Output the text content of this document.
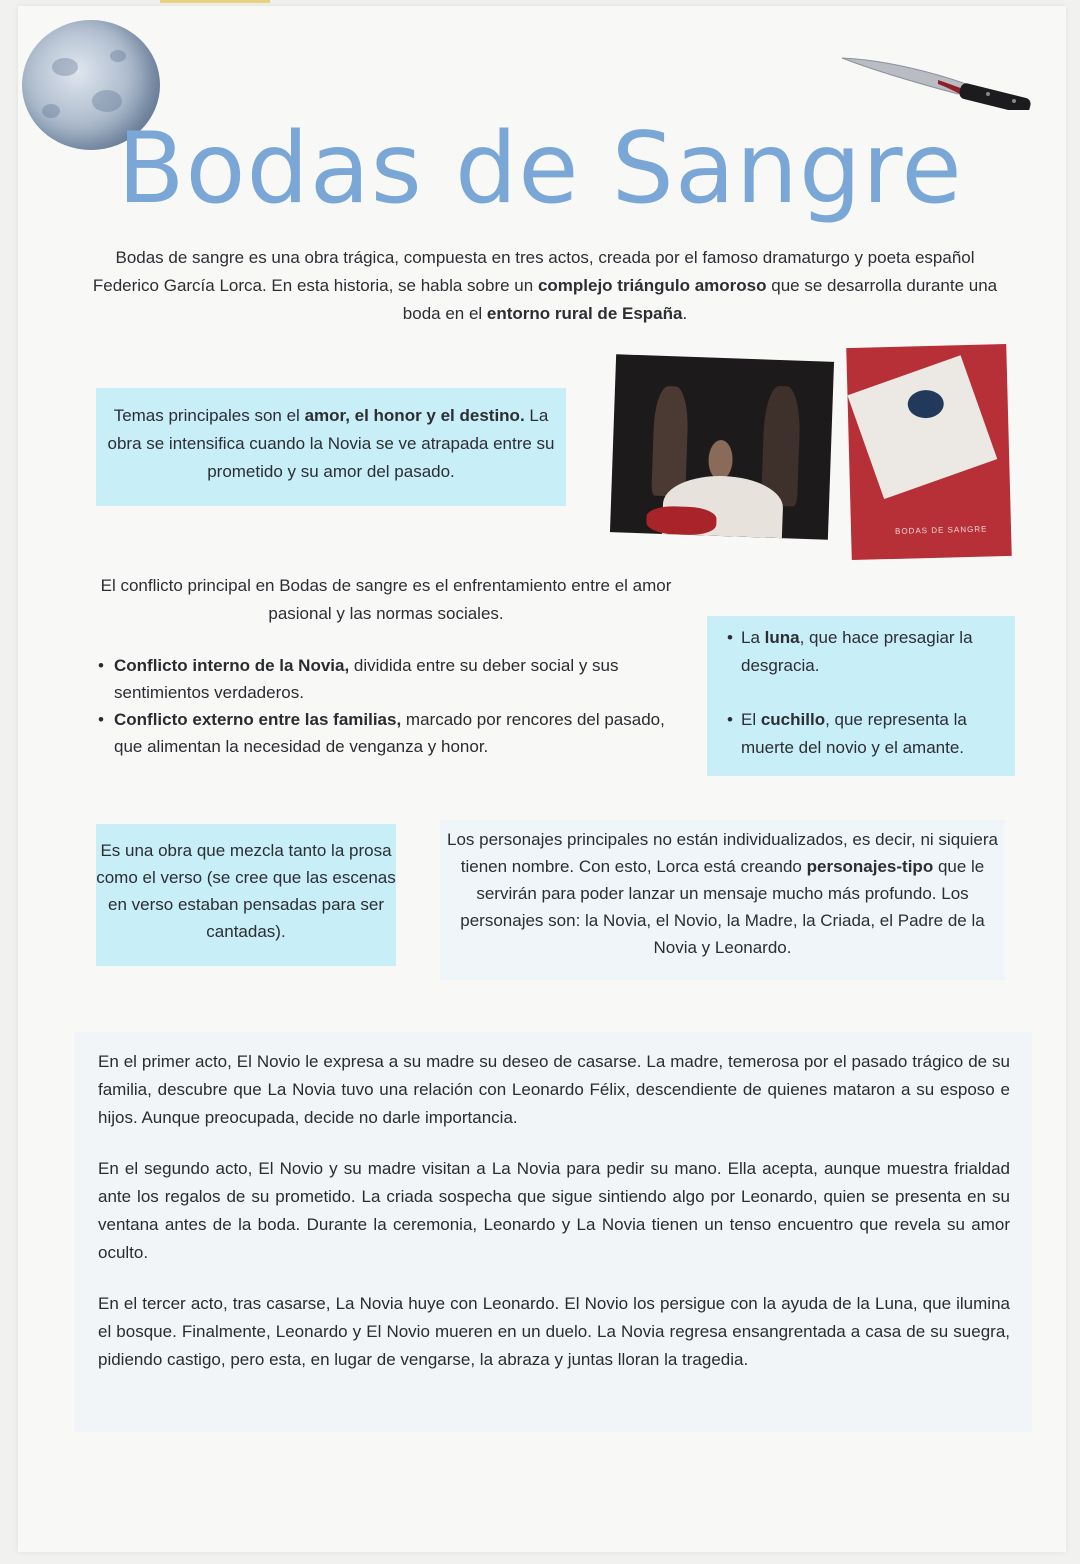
Bodas de Sangre
Bodas de sangre es una obra trágica, compuesta en tres actos, creada por el famoso dramaturgo y poeta español Federico García Lorca. En esta historia, se habla sobre un complejo triángulo amoroso que se desarrolla durante una boda en el entorno rural de España.
Temas principales son el amor, el honor y el destino. La obra se intensifica cuando la Novia se ve atrapada entre su prometido y su amor del pasado.
BODAS DE SANGRE
El conflicto principal en Bodas de sangre es el enfrentamiento entre el amor pasional y las normas sociales.
• Conflicto interno de la Novia, dividida entre su deber social y sus sentimientos verdaderos.
• Conflicto externo entre las familias, marcado por rencores del pasado, que alimentan la necesidad de venganza y honor.
• La luna, que hace presagiar la desgracia.
• El cuchillo, que representa la muerte del novio y el amante.
Es una obra que mezcla tanto la prosa como el verso (se cree que las escenas en verso estaban pensadas para ser cantadas).
Los personajes principales no están individualizados, es decir, ni siquiera tienen nombre. Con esto, Lorca está creando personajes-tipo que le servirán para poder lanzar un mensaje mucho más profundo. Los personajes son: la Novia, el Novio, la Madre, la Criada, el Padre de la Novia y Leonardo.

En el primer acto, El Novio le expresa a su madre su deseo de casarse. La madre, temerosa por el pasado trágico de su familia, descubre que La Novia tuvo una relación con Leonardo Félix, descendiente de quienes mataron a su esposo e hijos. Aunque preocupada, decide no darle importancia.

En el segundo acto, El Novio y su madre visitan a La Novia para pedir su mano. Ella acepta, aunque muestra frialdad ante los regalos de su prometido. La criada sospecha que sigue sintiendo algo por Leonardo, quien se presenta en su ventana antes de la boda. Durante la ceremonia, Leonardo y La Novia tienen un tenso encuentro que revela su amor oculto.

En el tercer acto, tras casarse, La Novia huye con Leonardo. El Novio los persigue con la ayuda de la Luna, que ilumina el bosque. Finalmente, Leonardo y El Novio mueren en un duelo. La Novia regresa ensangrentada a casa de su suegra, pidiendo castigo, pero esta, en lugar de vengarse, la abraza y juntas lloran la tragedia.
